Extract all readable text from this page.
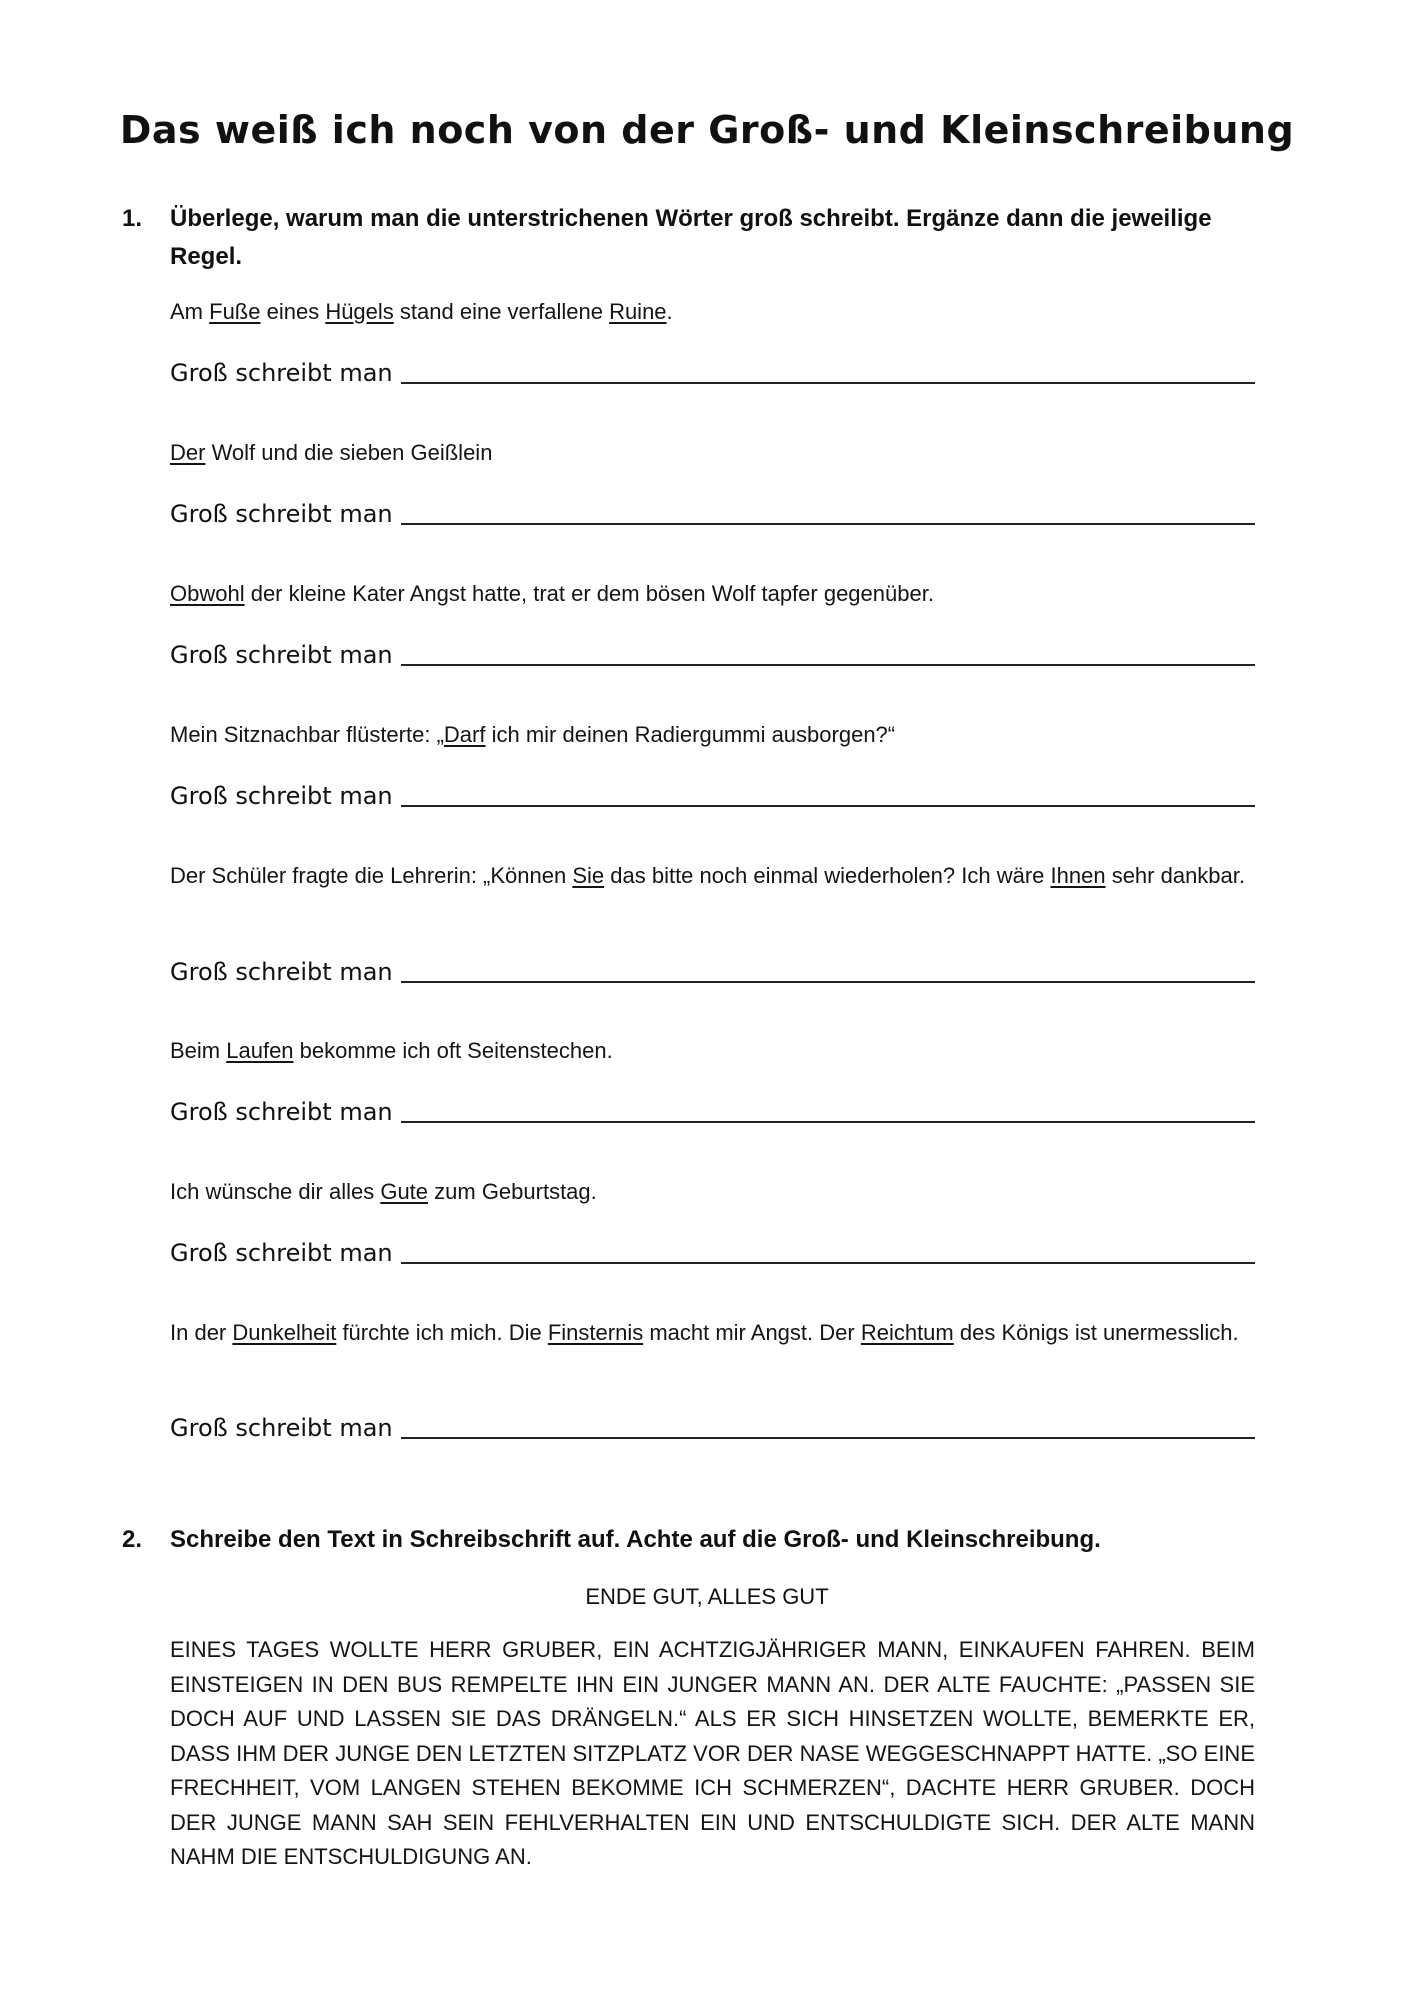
Das weiß ich noch von der Groß- und Kleinschreibung
1. Überlege, warum man die unterstrichenen Wörter groß schreibt. Ergänze dann die jeweilige Regel.
Am Fuße eines Hügels stand eine verfallene Ruine.
Groß schreibt man
Der Wolf und die sieben Geißlein
Groß schreibt man
Obwohl der kleine Kater Angst hatte, trat er dem bösen Wolf tapfer gegenüber.
Groß schreibt man
Mein Sitznachbar flüsterte: „Darf ich mir deinen Radiergummi ausborgen?“
Groß schreibt man
Der Schüler fragte die Lehrerin: „Können Sie das bitte noch einmal wiederholen? Ich wäre Ihnen sehr dankbar.
Groß schreibt man
Beim Laufen bekomme ich oft Seitenstechen.
Groß schreibt man
Ich wünsche dir alles Gute zum Geburtstag.
Groß schreibt man
In der Dunkelheit fürchte ich mich. Die Finsternis macht mir Angst. Der Reichtum des Königs ist unermesslich.
Groß schreibt man
2. Schreibe den Text in Schreibschrift auf. Achte auf die Groß- und Kleinschreibung.
ENDE GUT, ALLES GUT
EINES TAGES WOLLTE HERR GRUBER, EIN ACHTZIGJÄHRIGER MANN, EINKAUFEN FAHREN. BEIM EINSTEIGEN IN DEN BUS REMPELTE IHN EIN JUNGER MANN AN. DER ALTE FAUCHTE: „PASSEN SIE DOCH AUF UND LASSEN SIE DAS DRÄNGELN.“ ALS ER SICH HINSETZEN WOLLTE, BEMERKTE ER, DASS IHM DER JUNGE DEN LETZTEN SITZPLATZ VOR DER NASE WEGGESCHNAPPT HATTE. „SO EINE FRECHHEIT, VOM LANGEN STEHEN BEKOMME ICH SCHMERZEN“, DACHTE HERR GRUBER. DOCH DER JUNGE MANN SAH SEIN FEHLVERHALTEN EIN UND ENTSCHULDIGTE SICH. DER ALTE MANN NAHM DIE ENTSCHULDIGUNG AN.
